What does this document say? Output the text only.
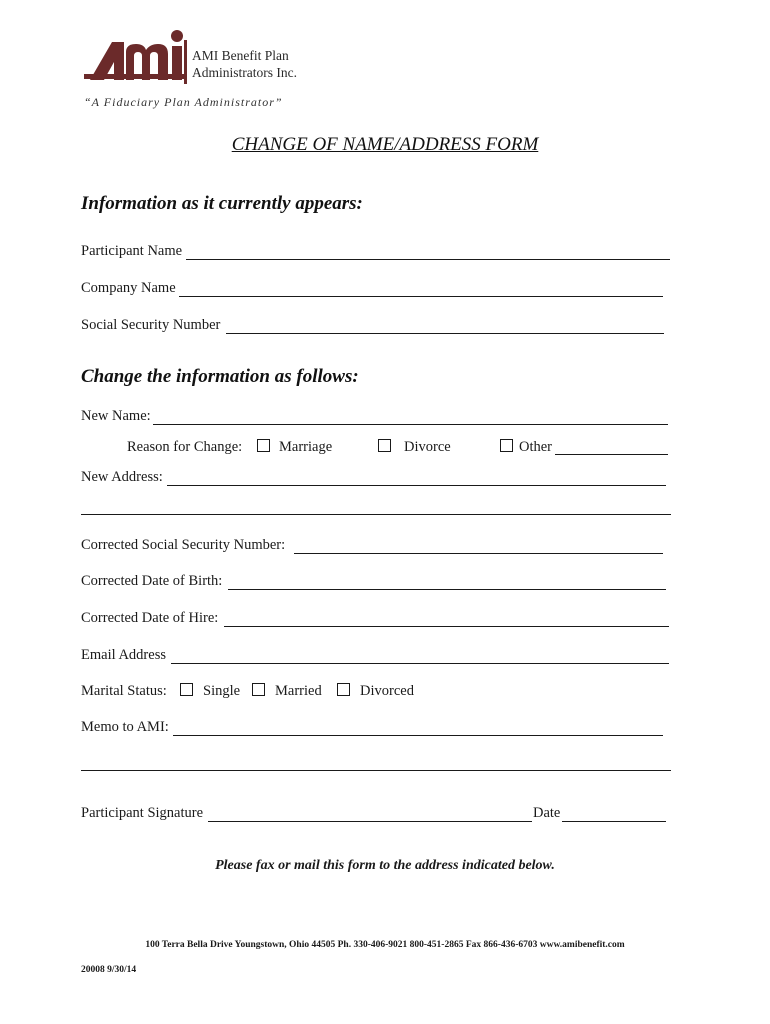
AMI Benefit Plan
Administrators Inc.
“A Fiduciary Plan Administrator”
CHANGE OF NAME/ADDRESS FORM
Information as it currently appears:
Participant Name
Company Name
Social Security Number
Change the information as follows:
New Name:
Reason for Change:	Marriage	Divorce	Other
New Address:
Corrected Social Security Number:
Corrected Date of Birth:
Corrected Date of Hire:
Email Address
Marital Status: Single Married	Divorced
Memo to AMI:
Participant Signature	Date
Please fax or mail this form to the address indicated below.
100 Terra Bella Drive Youngstown, Ohio 44505 Ph. 330-406-9021 800-451-2865 Fax 866-436-6703 www.amibenefit.com
20008 9/30/14
